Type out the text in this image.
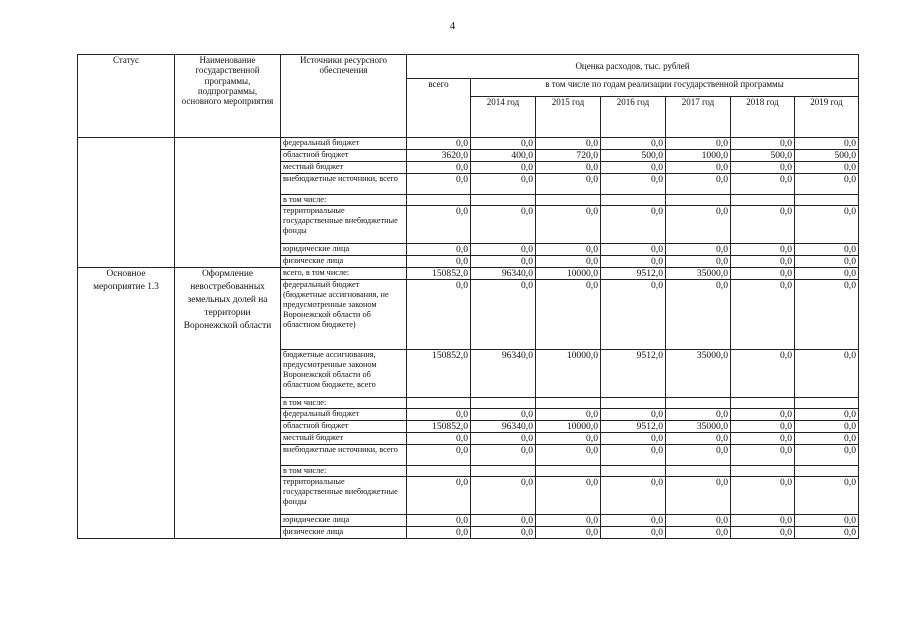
4
Статус	Наименование государственной программы, подпрограммы, основного мероприятия	Источники ресурсного обеспечения	Оценка расходов, тыс. рублей						
			всего	в том числе по годам реализации государственной программы					
				2014 год	2015 год	2016 год	2017 год	2018 год	2019 год
		федеральный бюджет	0,0	0,0	0,0	0,0	0,0	0,0	0,0
		областной бюджет	3620,0	400,0	720,0	500,0	1000,0	500,0	500,0
		местный бюджет	0,0	0,0	0,0	0,0	0,0	0,0	0,0
		внебюджетные источники, всего	0,0	0,0	0,0	0,0	0,0	0,0	0,0
		в том числе:							
		территориальные государственные внебюджетные фонды	0,0	0,0	0,0	0,0	0,0	0,0	0,0
		юридические лица	0,0	0,0	0,0	0,0	0,0	0,0	0,0
		физические лица	0,0	0,0	0,0	0,0	0,0	0,0	0,0
Основное мероприятие 1.3	Оформление невостребованных земельных долей на территории Воронежской области	всего, в том числе:	150852,0	96340,0	10000,0	9512,0	35000,0	0,0	0,0
		федеральный бюджет (бюджетные ассигнования, не предусмотренные законом Воронежской области об областном бюджете)	0,0	0,0	0,0	0,0	0,0	0,0	0,0
		бюджетные ассигнования, предусмотренные законом Воронежской области об областном бюджете, всего	150852,0	96340,0	10000,0	9512,0	35000,0	0,0	0,0
		в том числе:							
		федеральный бюджет	0,0	0,0	0,0	0,0	0,0	0,0	0,0
		областной бюджет	150852,0	96340,0	10000,0	9512,0	35000,0	0,0	0,0
		местный бюджет	0,0	0,0	0,0	0,0	0,0	0,0	0,0
		внебюджетные источники, всего	0,0	0,0	0,0	0,0	0,0	0,0	0,0
		в том числе:							
		территориальные государственные внебюджетные фонды	0,0	0,0	0,0	0,0	0,0	0,0	0,0
		юридические лица	0,0	0,0	0,0	0,0	0,0	0,0	0,0
		физические лица	0,0	0,0	0,0	0,0	0,0	0,0	0,0
